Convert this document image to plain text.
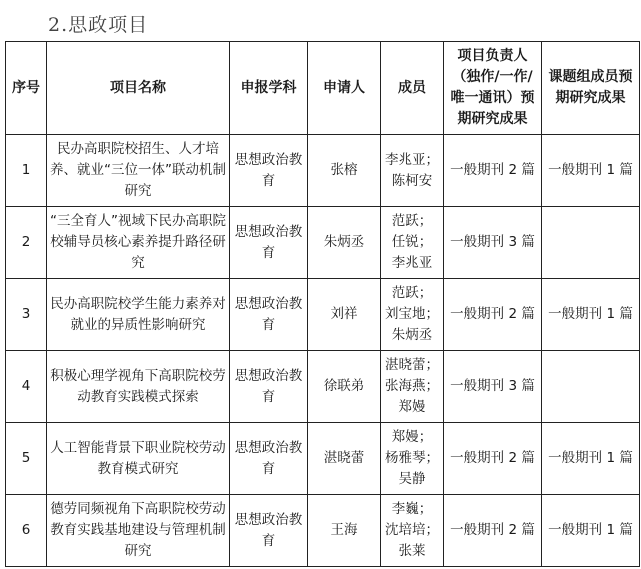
2.思政项目
序号	项目名称	申报学科	申请人	成员	项目负责人（独作/一作/唯一通讯）预期研究成果	课题组成员预期研究成果
1	民办高职院校招生、人才培养、就业“三位一体”联动机制研究	思想政治教育	张榕	李兆亚；
陈柯安	一般期刊 2 篇	一般期刊 1 篇
2	“三全育人”视域下民办高职院校辅导员核心素养提升路径研究	思想政治教育	朱炳丞	范跃；
任锐；
李兆亚	一般期刊 3 篇	
3	民办高职院校学生能力素养对就业的异质性影响研究	思想政治教育	刘祥	范跃；
刘宝地；
朱炳丞	一般期刊 2 篇	一般期刊 1 篇
4	积极心理学视角下高职院校劳动教育实践模式探索	思想政治教育	徐联弟	湛晓蕾；
张海燕；
郑嫚	一般期刊 3 篇	
5	人工智能背景下职业院校劳动教育模式研究	思想政治教育	湛晓蕾	郑嫚；
杨雅琴；
吴静	一般期刊 2 篇	一般期刊 1 篇
6	德劳同频视角下高职院校劳动教育实践基地建设与管理机制研究	思想政治教育	王海	李巍；
沈培培；
张莱	一般期刊 2 篇	一般期刊 1 篇
